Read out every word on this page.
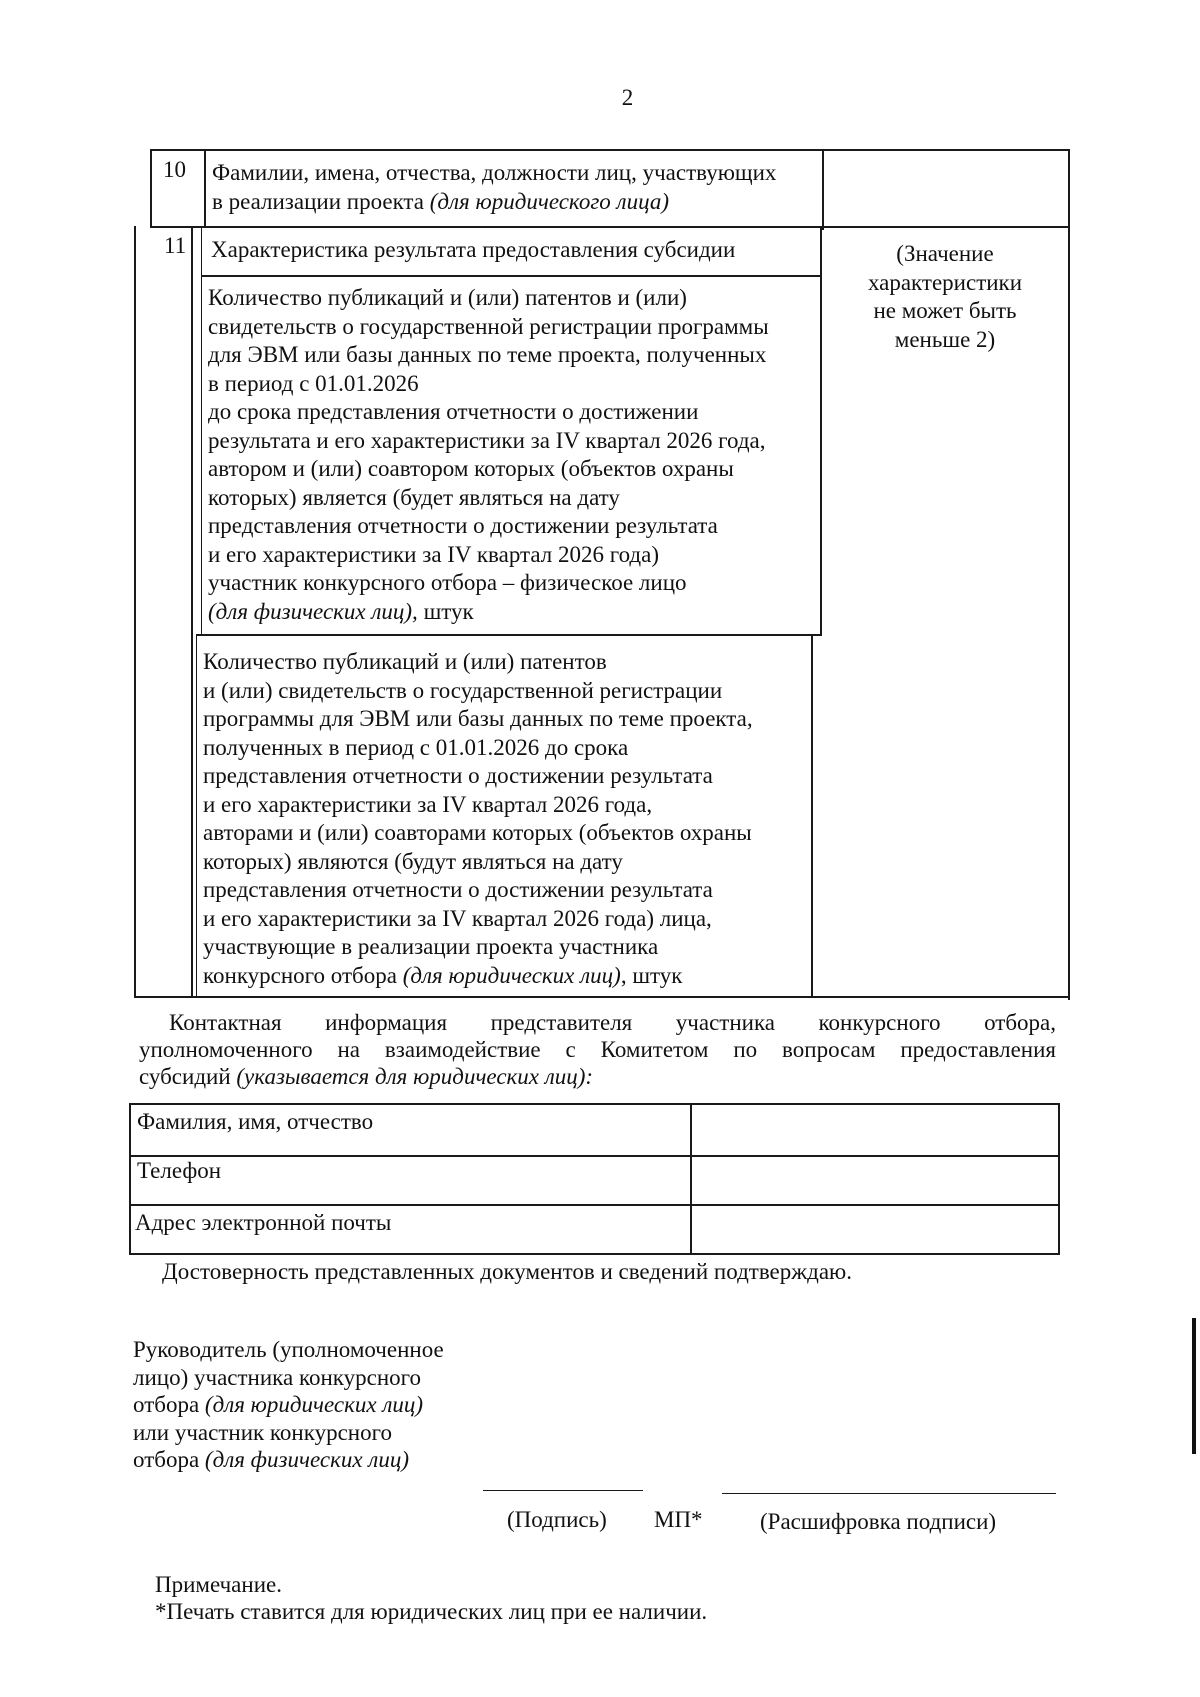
2
10 Фамилии, имена, отчества, должности лиц, участвующих
в реализации проекта (для юридического лица)
11 Характеристика результата предоставления субсидии	(Значение
характеристики
не может быть
меньше 2)
Количество публикаций и (или) патентов и (или)
свидетельств о государственной регистрации программы
для ЭВМ или базы данных по теме проекта, полученных
в период с 01.01.2026
до срока представления отчетности о достижении
результата и его характеристики за IV квартал 2026 года,
автором и (или) соавтором которых (объектов охраны
которых) является (будет являться на дату
представления отчетности о достижении результата
и его характеристики за IV квартал 2026 года)
участник конкурсного отбора – физическое лицо
(для физических лиц), штук
Количество публикаций и (или) патентов
и (или) свидетельств о государственной регистрации
программы для ЭВМ или базы данных по теме проекта,
полученных в период с 01.01.2026 до срока
представления отчетности о достижении результата
и его характеристики за IV квартал 2026 года,
авторами и (или) соавторами которых (объектов охраны
которых) являются (будут являться на дату
представления отчетности о достижении результата
и его характеристики за IV квартал 2026 года) лица,
участвующие в реализации проекта участника
конкурсного отбора (для юридических лиц), штук
Контактная информация представителя участника конкурсного отбора,
уполномоченного на взаимодействие с Комитетом по вопросам предоставления
субсидий (указывается для юридических лиц):
Фамилия, имя, отчество
Телефон
Адрес электронной почты
Достоверность представленных документов и сведений подтверждаю.
Руководитель (уполномоченное
лицо) участника конкурсного
отбора (для юридических лиц)
или участник конкурсного
отбора (для физических лиц)
(Подпись) МП* (Расшифровка подписи)
Примечание.
*Печать ставится для юридических лиц при ее наличии.
